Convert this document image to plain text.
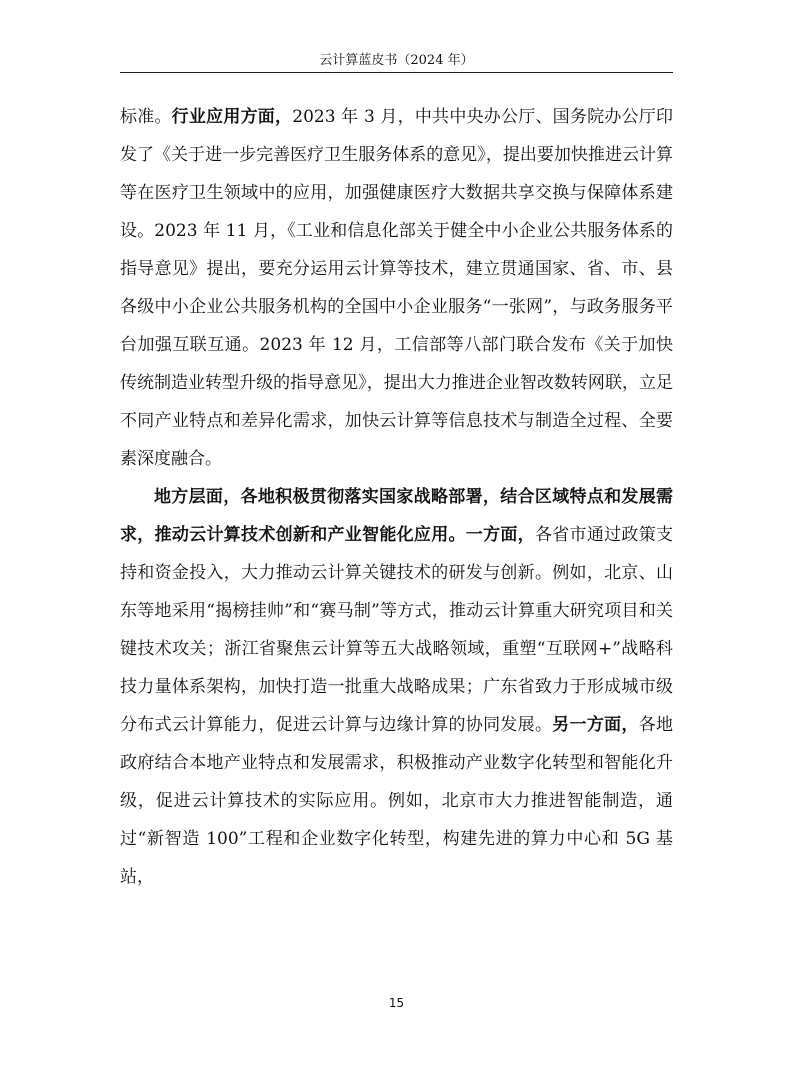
云计算蓝皮书（2024 年）

标准。行业应用方面，2023 年 3 月，中共中央办公厅、国务院办公厅印发了《关于进一步完善医疗卫生服务体系的意见》，提出要加快推进云计算等在医疗卫生领域中的应用，加强健康医疗大数据共享交换与保障体系建设。2023 年 11 月，《工业和信息化部关于健全中小企业公共服务体系的指导意见》提出，要充分运用云计算等技术，建立贯通国家、省、市、县各级中小企业公共服务机构的全国中小企业服务“一张网”，与政务服务平台加强互联互通。2023 年 12 月，工信部等八部门联合发布《关于加快传统制造业转型升级的指导意见》，提出大力推进企业智改数转网联，立足不同产业特点和差异化需求，加快云计算等信息技术与制造全过程、全要素深度融合。

地方层面，各地积极贯彻落实国家战略部署，结合区域特点和发展需求，推动云计算技术创新和产业智能化应用。一方面，各省市通过政策支持和资金投入，大力推动云计算关键技术的研发与创新。例如，北京、山东等地采用“揭榜挂帅”和“赛马制”等方式，推动云计算重大研究项目和关键技术攻关；浙江省聚焦云计算等五大战略领域，重塑“互联网+”战略科技力量体系架构，加快打造一批重大战略成果；广东省致力于形成城市级分布式云计算能力，促进云计算与边缘计算的协同发展。另一方面，各地政府结合本地产业特点和发展需求，积极推动产业数字化转型和智能化升级，促进云计算技术的实际应用。例如，北京市大力推进智能制造，通过“新智造 100”工程和企业数字化转型，构建先进的算力中心和 5G 基站，

15
